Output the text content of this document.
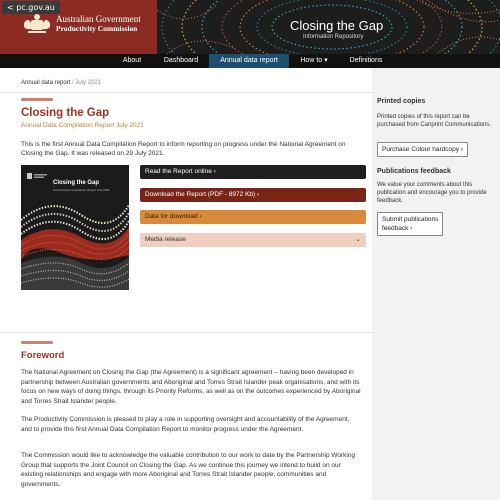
< pc.gov.au
Australian Government
Productivity Commission	Closing the Gap
Information Repository
About	Dashboard	Annual data report	How to ▾	Definitions
Annual data report / July 2021
Closing the Gap
Annual Data Compilation Report July 2021
This is the first Annual Data Compilation Report to inform reporting on progress under the National Agreement on Closing the Gap. It was released on 29 July 2021.
Closing the Gap
Annual Data Compilation Report July 2021
Read the Report online ›
Download the Report (PDF - 8972 Kb) ›
Data for download ›
Media release	⌄
Foreword
The National Agreement on Closing the Gap (the Agreement) is a significant agreement – having been developed in partnership between Australian governments and Aboriginal and Torres Strait Islander peak organisations, and with its focus on new ways of doing things, through its Priority Reforms, as well as on the outcomes experienced by Aboriginal and Torres Strait Islander people.
The Productivity Commission is pleased to play a role in supporting oversight and accountability of the Agreement, and to provide this first Annual Data Compilation Report to monitor progress under the Agreement.
The Commission would like to acknowledge the valuable contribution to our work to date by the Partnership Working Group that supports the Joint Council on Closing the Gap. As we continue this journey we intend to build on our existing relationships and engage with more Aboriginal and Torres Strait Islander people, communities and governments.
Printed copies
Printed copies of this report can be purchased from Canprint Communications.
Purchase Colour hardcopy ›
Publications feedback
We value your comments about this publication and encourage you to provide feedback.
Submit publications
feedback ›
